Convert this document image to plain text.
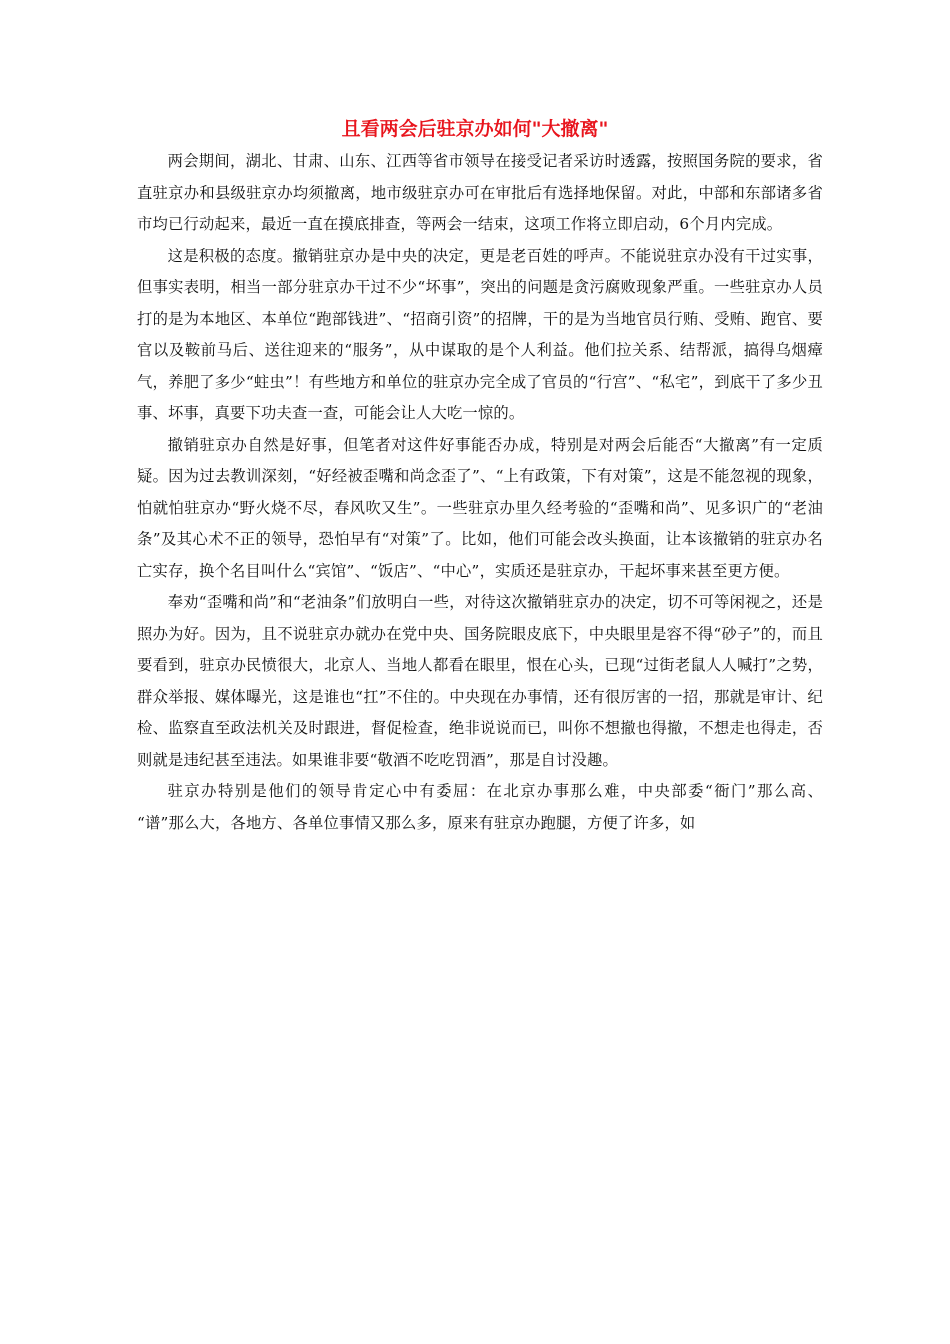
且看两会后驻京办如何"大撤离"

两会期间，湖北、甘肃、山东、江西等省市领导在接受记者采访时透露，按照国务院的要求，省直驻京办和县级驻京办均须撤离，地市级驻京办可在审批后有选择地保留。对此，中部和东部诸多省市均已行动起来，最近一直在摸底排查，等两会一结束，这项工作将立即启动，6个月内完成。

这是积极的态度。撤销驻京办是中央的决定，更是老百姓的呼声。不能说驻京办没有干过实事，但事实表明，相当一部分驻京办干过不少“坏事”，突出的问题是贪污腐败现象严重。一些驻京办人员打的是为本地区、本单位“跑部钱进”、“招商引资”的招牌，干的是为当地官员行贿、受贿、跑官、要官以及鞍前马后、送往迎来的“服务”，从中谋取的是个人利益。他们拉关系、结帮派，搞得乌烟瘴气，养肥了多少“蛀虫”！有些地方和单位的驻京办完全成了官员的“行宫”、“私宅”，到底干了多少丑事、坏事，真要下功夫查一查，可能会让人大吃一惊的。

撤销驻京办自然是好事，但笔者对这件好事能否办成，特别是对两会后能否“大撤离”有一定质疑。因为过去教训深刻，“好经被歪嘴和尚念歪了”、“上有政策，下有对策”，这是不能忽视的现象，怕就怕驻京办“野火烧不尽，春风吹又生”。一些驻京办里久经考验的“歪嘴和尚”、见多识广的“老油条”及其心术不正的领导，恐怕早有“对策”了。比如，他们可能会改头换面，让本该撤销的驻京办名亡实存，换个名目叫什么“宾馆”、“饭店”、“中心”，实质还是驻京办，干起坏事来甚至更方便。

奉劝“歪嘴和尚”和“老油条”们放明白一些，对待这次撤销驻京办的决定，切不可等闲视之，还是照办为好。因为，且不说驻京办就办在党中央、国务院眼皮底下，中央眼里是容不得“砂子”的，而且要看到，驻京办民愤很大，北京人、当地人都看在眼里，恨在心头，已现“过街老鼠人人喊打”之势，群众举报、媒体曝光，这是谁也“扛”不住的。中央现在办事情，还有很厉害的一招，那就是审计、纪检、监察直至政法机关及时跟进，督促检查，绝非说说而已，叫你不想撤也得撤，不想走也得走，否则就是违纪甚至违法。如果谁非要“敬酒不吃吃罚酒”，那是自讨没趣。

驻京办特别是他们的领导肯定心中有委屈：在北京办事那么难，中央部委“衙门”那么高、 “谱”那么大，各地方、各单位事情又那么多，原来有驻京办跑腿，方便了许多，如
